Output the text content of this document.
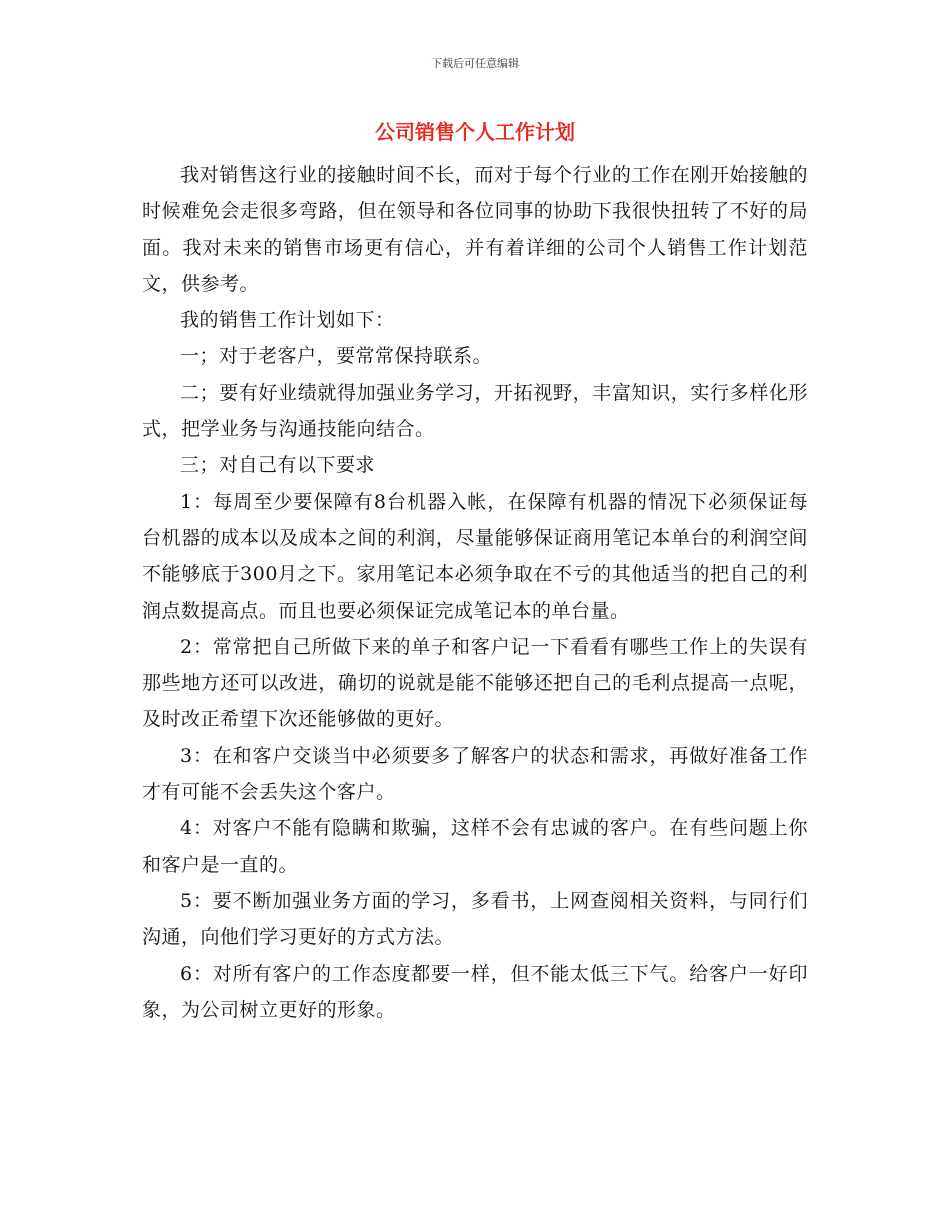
下载后可任意编辑
公司销售个人工作计划

我对销售这行业的接触时间不长，而对于每个行业的工作在刚开始接触的时候难免会走很多弯路，但在领导和各位同事的协助下我很快扭转了不好的局面。我对未来的销售市场更有信心，并有着详细的公司个人销售工作计划范文，供参考。

我的销售工作计划如下：

一；对于老客户，要常常保持联系。

二；要有好业绩就得加强业务学习，开拓视野，丰富知识，实行多样化形式，把学业务与沟通技能向结合。

三；对自己有以下要求

1：每周至少要保障有8台机器入帐，在保障有机器的情况下必须保证每台机器的成本以及成本之间的利润，尽量能够保证商用笔记本单台的利润空间不能够底于300月之下。家用笔记本必须争取在不亏的其他适当的把自己的利润点数提高点。而且也要必须保证完成笔记本的单台量。

2：常常把自己所做下来的单子和客户记一下看看有哪些工作上的失误有那些地方还可以改进，确切的说就是能不能够还把自己的毛利点提高一点呢，及时改正希望下次还能够做的更好。

3：在和客户交谈当中必须要多了解客户的状态和需求，再做好准备工作才有可能不会丢失这个客户。

4：对客户不能有隐瞒和欺骗，这样不会有忠诚的客户。在有些问题上你和客户是一直的。

5：要不断加强业务方面的学习，多看书，上网查阅相关资料，与同行们沟通，向他们学习更好的方式方法。

6：对所有客户的工作态度都要一样，但不能太低三下气。给客户一好印象，为公司树立更好的形象。
